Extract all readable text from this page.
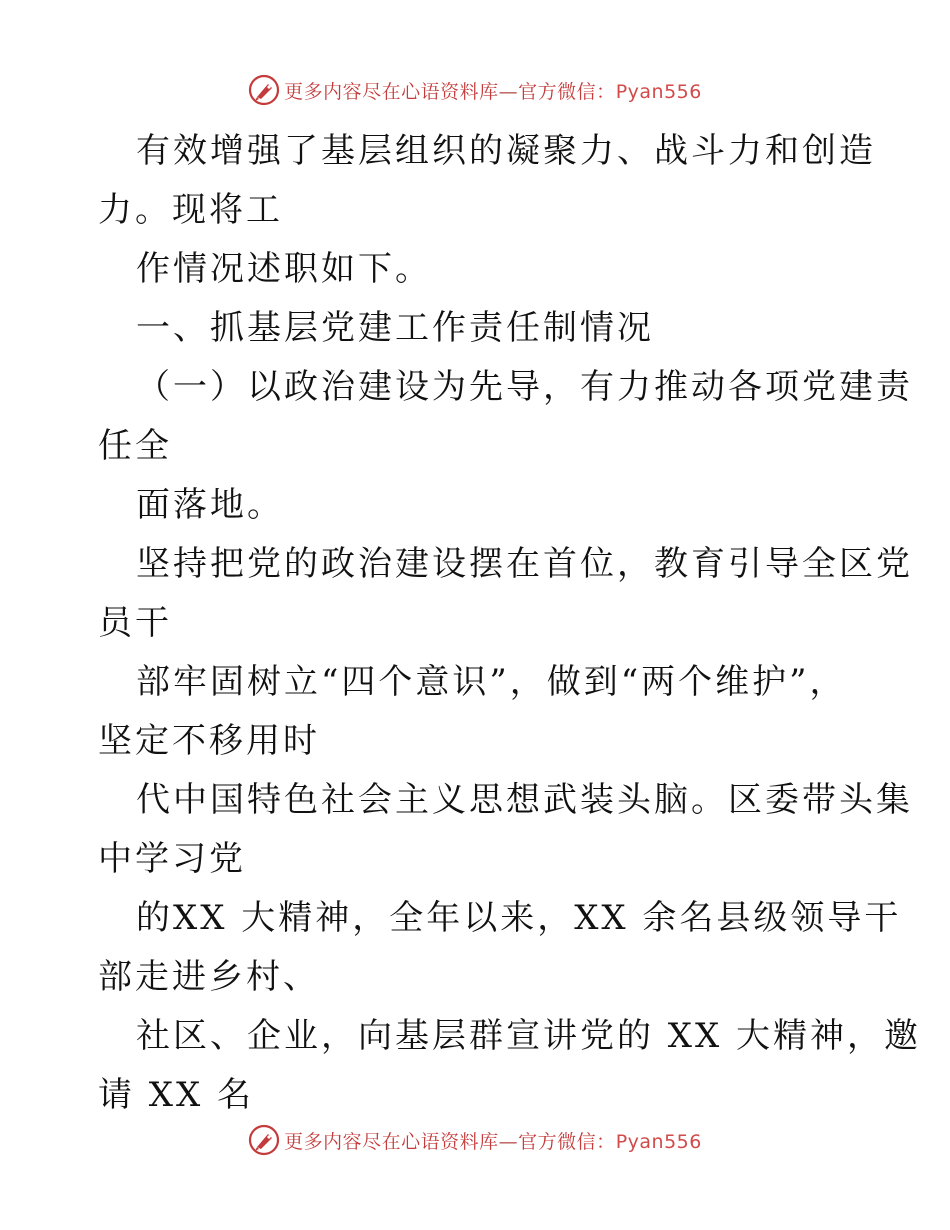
更多内容尽在心语资料库—官方微信：Pyan556
有效增强了基层组织的凝聚力、战斗力和创造
力。现将工
作情况述职如下。
一、抓基层党建工作责任制情况
（一）以政治建设为先导，有力推动各项党建责
任全
面落地。
坚持把党的政治建设摆在首位，教育引导全区党
员干
部牢固树立“四个意识”，做到“两个维护”，
坚定不移用时
代中国特色社会主义思想武装头脑。区委带头集
中学习党
的XX 大精神，全年以来，XX 余名县级领导干
部走进乡村、
社区、企业，向基层群宣讲党的 XX 大精神，邀
请 XX 名
更多内容尽在心语资料库—官方微信：Pyan556
